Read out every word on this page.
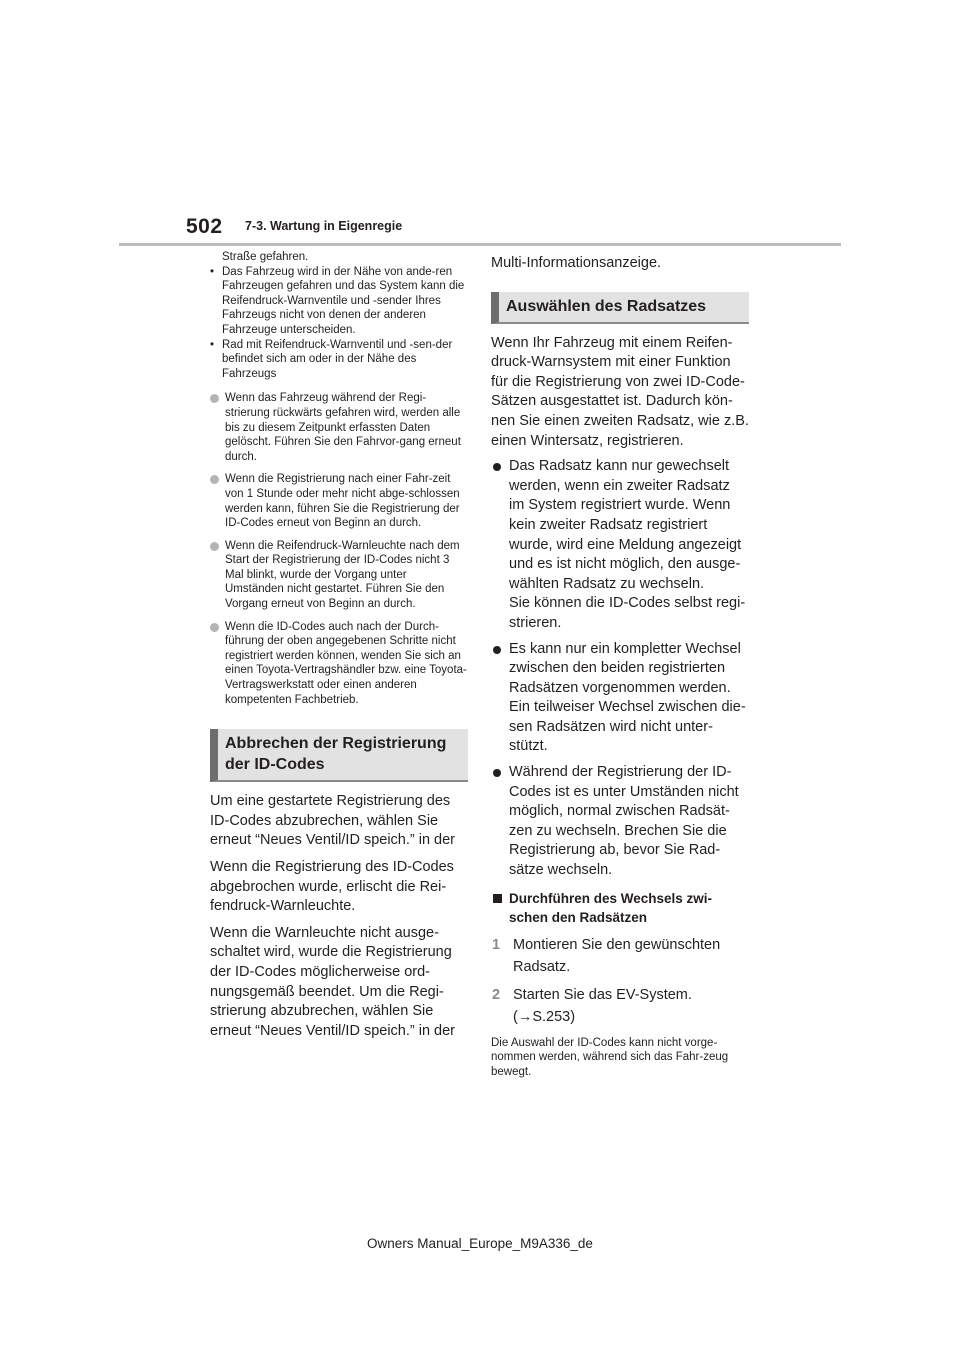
502 7-3. Wartung in Eigenregie
Straße gefahren.
• Das Fahrzeug wird in der Nähe von ande-ren Fahrzeugen gefahren und das System kann die Reifendruck-Warnventile und -sender Ihres Fahrzeugs nicht von denen der anderen Fahrzeuge unterscheiden.
• Rad mit Reifendruck-Warnventil und -sen-der befindet sich am oder in der Nähe des Fahrzeugs
Wenn das Fahrzeug während der Regi-strierung rückwärts gefahren wird, werden alle bis zu diesem Zeitpunkt erfassten Daten gelöscht. Führen Sie den Fahrvor-gang erneut durch.
Wenn die Registrierung nach einer Fahr-zeit von 1 Stunde oder mehr nicht abge-schlossen werden kann, führen Sie die Registrierung der ID-Codes erneut von Beginn an durch.
Wenn die Reifendruck-Warnleuchte nach dem Start der Registrierung der ID-Codes nicht 3 Mal blinkt, wurde der Vorgang unter Umständen nicht gestartet. Führen Sie den Vorgang erneut von Beginn an durch.
Wenn die ID-Codes auch nach der Durch-führung der oben angegebenen Schritte nicht registriert werden können, wenden Sie sich an einen Toyota-Vertragshändler bzw. eine Toyota-Vertragswerkstatt oder einen anderen kompetenten Fachbetrieb.
Abbrechen der Registrierung
der ID-Codes

Um eine gestartete Registrierung des ID-Codes abzubrechen, wählen Sie erneut “Neues Ventil/ID speich.” in der

Wenn die Registrierung des ID-Codes abgebrochen wurde, erlischt die Rei-fendruck-Warnleuchte.

Wenn die Warnleuchte nicht ausge-schaltet wird, wurde die Registrierung der ID-Codes möglicherweise ord-nungsgemäß beendet. Um die Regi-strierung abzubrechen, wählen Sie erneut “Neues Ventil/ID speich.” in der

Multi-Informationsanzeige.

Auswählen des Radsatzes

Wenn Ihr Fahrzeug mit einem Reifen-druck-Warnsystem mit einer Funktion für die Registrierung von zwei ID-Code-Sätzen ausgestattet ist. Dadurch kön-nen Sie einen zweiten Radsatz, wie z.B. einen Wintersatz, registrieren.

Das Radsatz kann nur gewechselt werden, wenn ein zweiter Radsatz im System registriert wurde. Wenn kein zweiter Radsatz registriert wurde, wird eine Meldung angezeigt und es ist nicht möglich, den ausge-wählten Radsatz zu wechseln.
Sie können die ID-Codes selbst regi-strieren.
Es kann nur ein kompletter Wechsel zwischen den beiden registrierten Radsätzen vorgenommen werden. Ein teilweiser Wechsel zwischen die-sen Radsätzen wird nicht unter-stützt.
Während der Registrierung der ID-Codes ist es unter Umständen nicht möglich, normal zwischen Radsät-zen zu wechseln. Brechen Sie die Registrierung ab, bevor Sie Rad-sätze wechseln.
Durchführen des Wechsels zwi-schen den Radsätzen
1 Montieren Sie den gewünschten Radsatz.
2 Starten Sie das EV-System.
(→S.253)
Die Auswahl der ID-Codes kann nicht vorge-nommen werden, während sich das Fahr-zeug bewegt.
Owners Manual_Europe_M9A336_de
